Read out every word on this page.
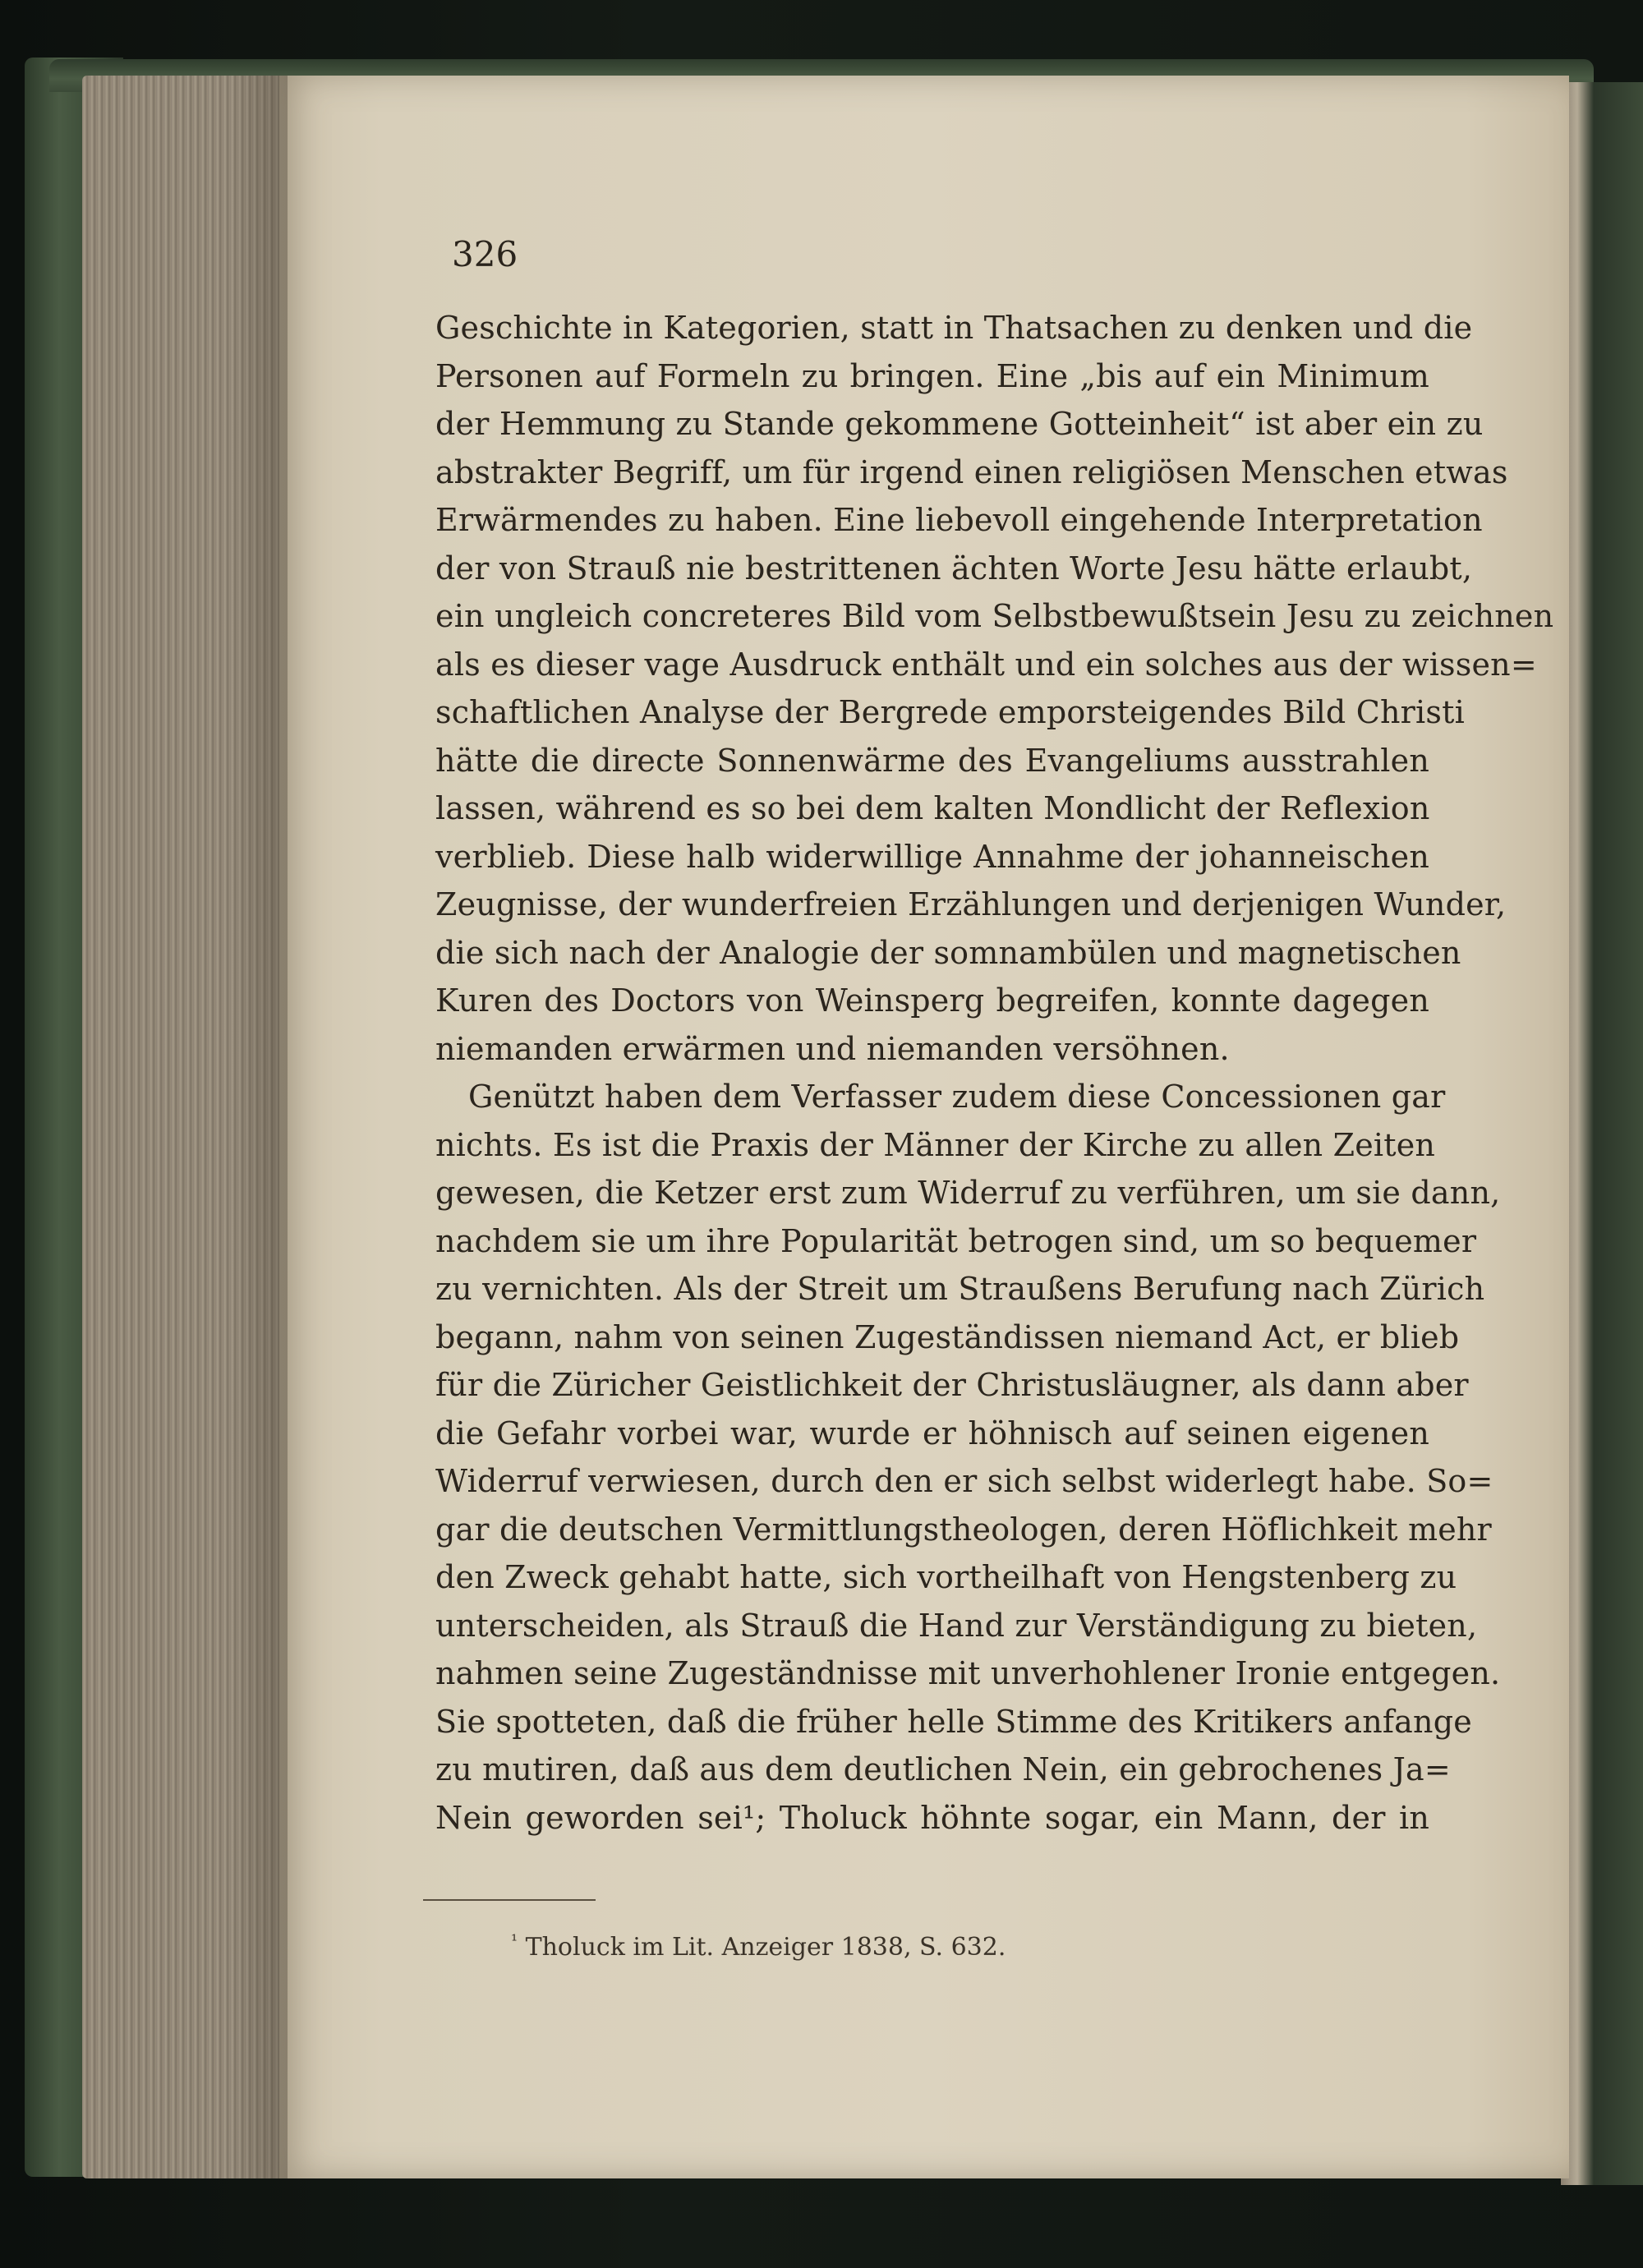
326
Geschichte in Kategorien, statt in Thatsachen zu denken und die
Personen auf Formeln zu bringen. Eine „bis auf ein Minimum
der Hemmung zu Stande gekommene Gotteinheit“ ist aber ein zu
abstrakter Begriff, um für irgend einen religiösen Menschen etwas
Erwärmendes zu haben. Eine liebevoll eingehende Interpretation
der von Strauß nie bestrittenen ächten Worte Jesu hätte erlaubt,
ein ungleich concreteres Bild vom Selbstbewußtsein Jesu zu zeichnen
als es dieser vage Ausdruck enthält und ein solches aus der wissen=
schaftlichen Analyse der Bergrede emporsteigendes Bild Christi
hätte die directe Sonnenwärme des Evangeliums ausstrahlen
lassen, während es so bei dem kalten Mondlicht der Reflexion
verblieb. Diese halb widerwillige Annahme der johanneischen
Zeugnisse, der wunderfreien Erzählungen und derjenigen Wunder,
die sich nach der Analogie der somnambülen und magnetischen
Kuren des Doctors von Weinsperg begreifen, konnte dagegen
niemanden erwärmen und niemanden versöhnen.
Genützt haben dem Verfasser zudem diese Concessionen gar
nichts. Es ist die Praxis der Männer der Kirche zu allen Zeiten
gewesen, die Ketzer erst zum Widerruf zu verführen, um sie dann,
nachdem sie um ihre Popularität betrogen sind, um so bequemer
zu vernichten. Als der Streit um Straußens Berufung nach Zürich
begann, nahm von seinen Zugeständissen niemand Act, er blieb
für die Züricher Geistlichkeit der Christusläugner, als dann aber
die Gefahr vorbei war, wurde er höhnisch auf seinen eigenen
Widerruf verwiesen, durch den er sich selbst widerlegt habe. So=
gar die deutschen Vermittlungstheologen, deren Höflichkeit mehr
den Zweck gehabt hatte, sich vortheilhaft von Hengstenberg zu
unterscheiden, als Strauß die Hand zur Verständigung zu bieten,
nahmen seine Zugeständnisse mit unverhohlener Ironie entgegen.
Sie spotteten, daß die früher helle Stimme des Kritikers anfange
zu mutiren, daß aus dem deutlichen Nein, ein gebrochenes Ja=
Nein geworden sei¹; Tholuck höhnte sogar, ein Mann, der in
$^{^1}$ Tholuck im Lit. Anzeiger 1838, S. 632.
